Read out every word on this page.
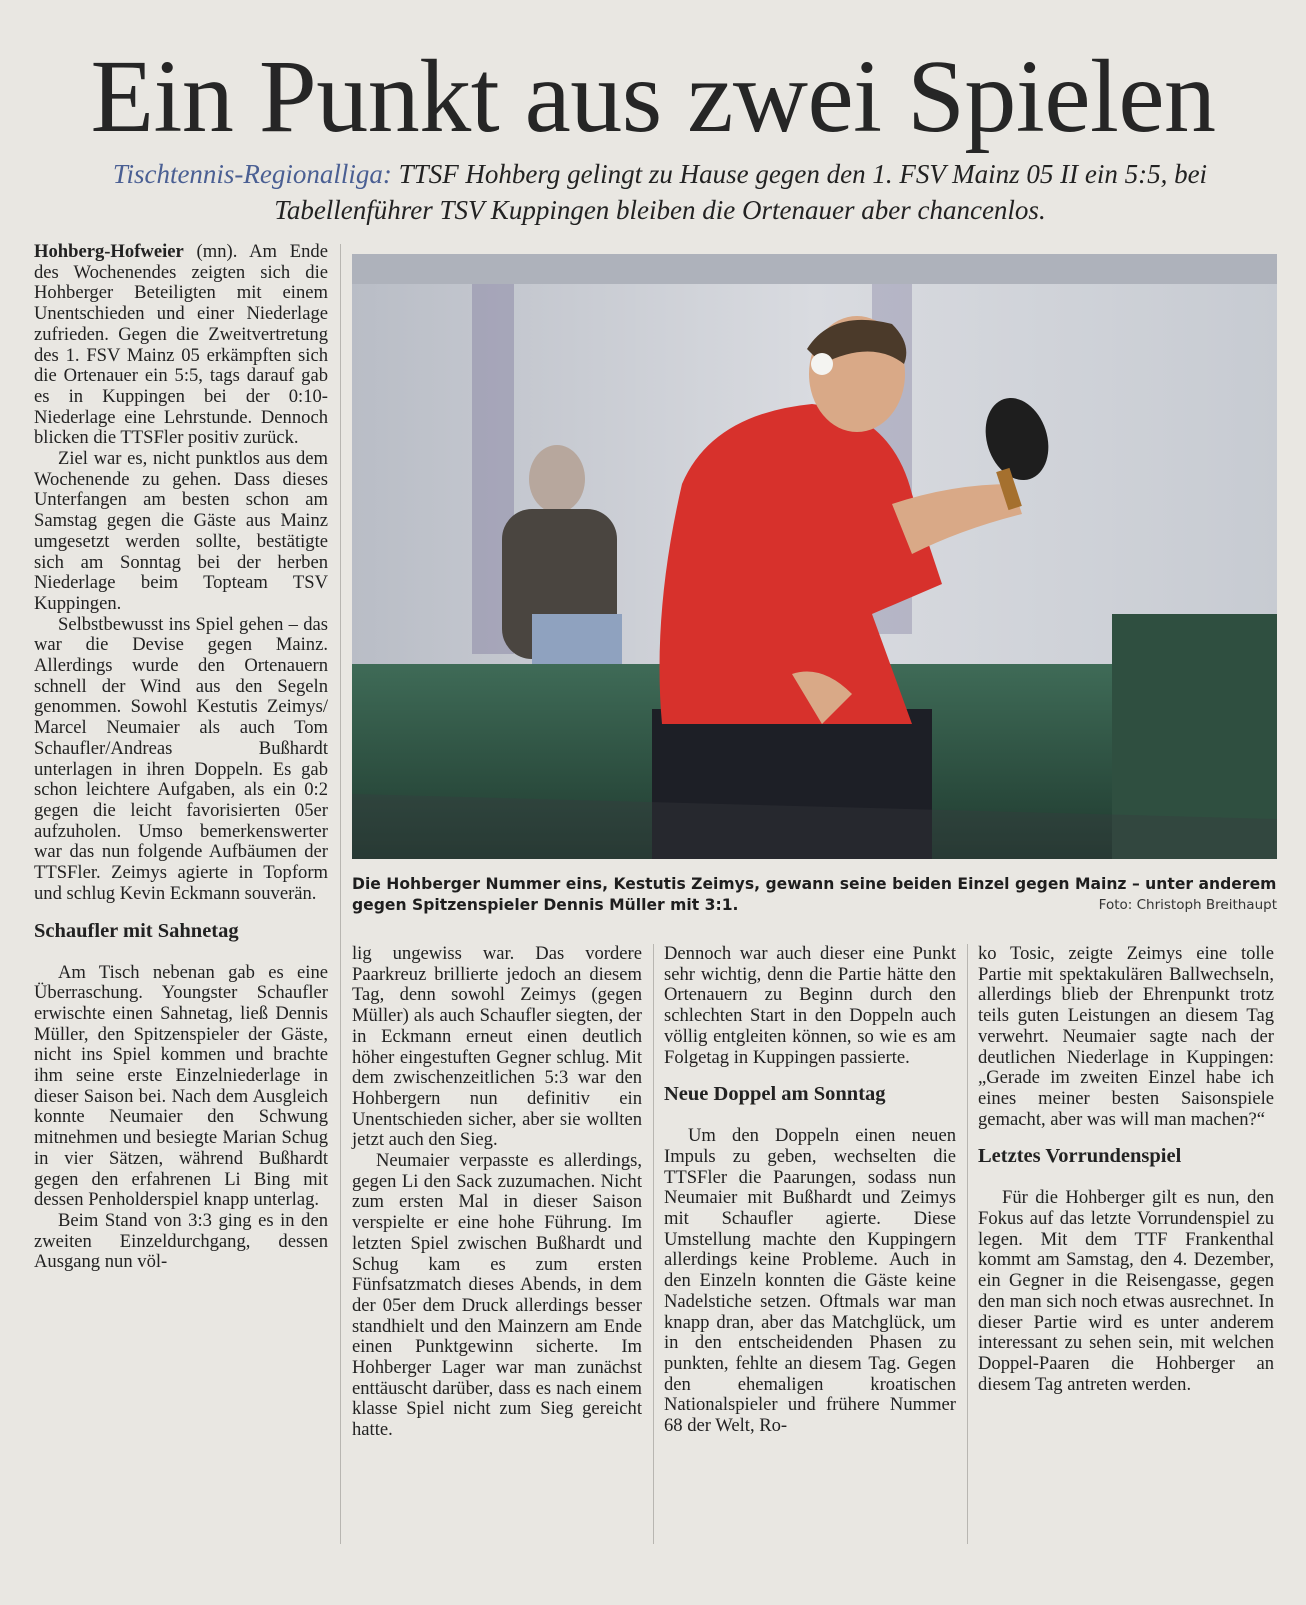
Ein Punkt aus zwei Spielen
Tischtennis-Regionalliga: TTSF Hohberg gelingt zu Hause gegen den 1. FSV Mainz 05 II ein 5:5, bei Tabellenführer TSV Kuppingen bleiben die Ortenauer aber chancenlos.

Hohberg-Hofweier (mn). Am Ende des Wochenendes zeigten sich die Hohberger Beteiligten mit einem Unentschieden und einer Niederlage zufrieden. Gegen die Zweitvertretung des 1. FSV Mainz 05 erkämpften sich die Ortenauer ein 5:5, tags darauf gab es in Kuppingen bei der 0:10-Niederlage eine Lehrstunde. Dennoch blicken die TTSFler positiv zurück.

Ziel war es, nicht punktlos aus dem Wochenende zu gehen. Dass dieses Unterfangen am besten schon am Samstag gegen die Gäste aus Mainz umgesetzt werden sollte, bestätigte sich am Sonntag bei der herben Niederlage beim Topteam TSV Kuppingen.

Selbstbewusst ins Spiel gehen – das war die Devise gegen Mainz. Allerdings wurde den Ortenauern schnell der Wind aus den Segeln genommen. Sowohl Kestutis Zeimys/ Marcel Neumaier als auch Tom Schaufler/Andreas Bußhardt unterlagen in ihren Doppeln. Es gab schon leichtere Aufgaben, als ein 0:2 gegen die leicht favorisierten 05er aufzuholen. Umso bemerkenswerter war das nun folgende Aufbäumen der TTSFler. Zeimys agierte in Topform und schlug Kevin Eckmann souverän.

Schaufler mit Sahnetag

Am Tisch nebenan gab es eine Überraschung. Youngster Schaufler erwischte einen Sahnetag, ließ Dennis Müller, den Spitzenspieler der Gäste, nicht ins Spiel kommen und brachte ihm seine erste Einzelniederlage in dieser Saison bei. Nach dem Ausgleich konnte Neumaier den Schwung mitnehmen und besiegte Marian Schug in vier Sätzen, während Bußhardt gegen den erfahrenen Li Bing mit dessen Penholderspiel knapp unterlag.

Beim Stand von 3:3 ging es in den zweiten Einzeldurchgang, dessen Ausgang nun völ-

Die Hohberger Nummer eins, Kestutis Zeimys, gewann seine beiden Einzel gegen Mainz – unter anderem gegen Spitzenspieler Dennis Müller mit 3:1.	Foto: Christoph Breithaupt

lig ungewiss war. Das vordere Paarkreuz brillierte jedoch an diesem Tag, denn sowohl Zeimys (gegen Müller) als auch Schaufler siegten, der in Eckmann erneut einen deutlich höher eingestuften Gegner schlug. Mit dem zwischenzeitlichen 5:3 war den Hohbergern nun definitiv ein Unentschieden sicher, aber sie wollten jetzt auch den Sieg.

Neumaier verpasste es allerdings, gegen Li den Sack zuzumachen. Nicht zum ersten Mal in dieser Saison verspielte er eine hohe Führung. Im letzten Spiel zwischen Bußhardt und Schug kam es zum ersten Fünfsatzmatch dieses Abends, in dem der 05er dem Druck allerdings besser standhielt und den Mainzern am Ende einen Punktgewinn sicherte. Im Hohberger Lager war man zunächst enttäuscht darüber, dass es nach einem klasse Spiel nicht zum Sieg gereicht hatte.

Dennoch war auch dieser eine Punkt sehr wichtig, denn die Partie hätte den Ortenauern zu Beginn durch den schlechten Start in den Doppeln auch völlig entgleiten können, so wie es am Folgetag in Kuppingen passierte.

Neue Doppel am Sonntag

Um den Doppeln einen neuen Impuls zu geben, wechselten die TTSFler die Paarungen, sodass nun Neumaier mit Bußhardt und Zeimys mit Schaufler agierte. Diese Umstellung machte den Kuppingern allerdings keine Probleme. Auch in den Einzeln konnten die Gäste keine Nadelstiche setzen. Oftmals war man knapp dran, aber das Matchglück, um in den entscheidenden Phasen zu punkten, fehlte an diesem Tag. Gegen den ehemaligen kroatischen Nationalspieler und frühere Nummer 68 der Welt, Ro-

ko Tosic, zeigte Zeimys eine tolle Partie mit spektakulären Ballwechseln, allerdings blieb der Ehrenpunkt trotz teils guten Leistungen an diesem Tag verwehrt. Neumaier sagte nach der deutlichen Niederlage in Kuppingen: „Gerade im zweiten Einzel habe ich eines meiner besten Saisonspiele gemacht, aber was will man machen?“

Letztes Vorrundenspiel

Für die Hohberger gilt es nun, den Fokus auf das letzte Vorrundenspiel zu legen. Mit dem TTF Frankenthal kommt am Samstag, den 4. Dezember, ein Gegner in die Reisengasse, gegen den man sich noch etwas ausrechnet. In dieser Partie wird es unter anderem interessant zu sehen sein, mit welchen Doppel-Paaren die Hohberger an diesem Tag antreten werden.
